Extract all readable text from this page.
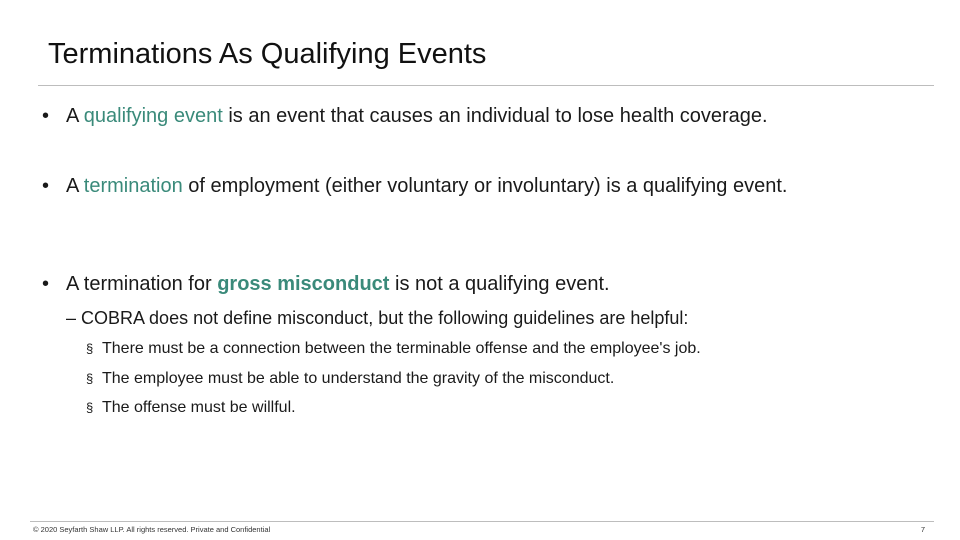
Terminations As Qualifying Events
• A qualifying event is an event that causes an individual to lose health coverage.
• A termination of employment (either voluntary or involuntary) is a qualifying event.
• A termination for gross misconduct is not a qualifying event.
– COBRA does not define misconduct, but the following guidelines are helpful:
§ There must be a connection between the terminable offense and the employee's job.
§ The employee must be able to understand the gravity of the misconduct.
§ The offense must be willful.
© 2020 Seyfarth Shaw LLP. All rights reserved. Private and Confidential	7
